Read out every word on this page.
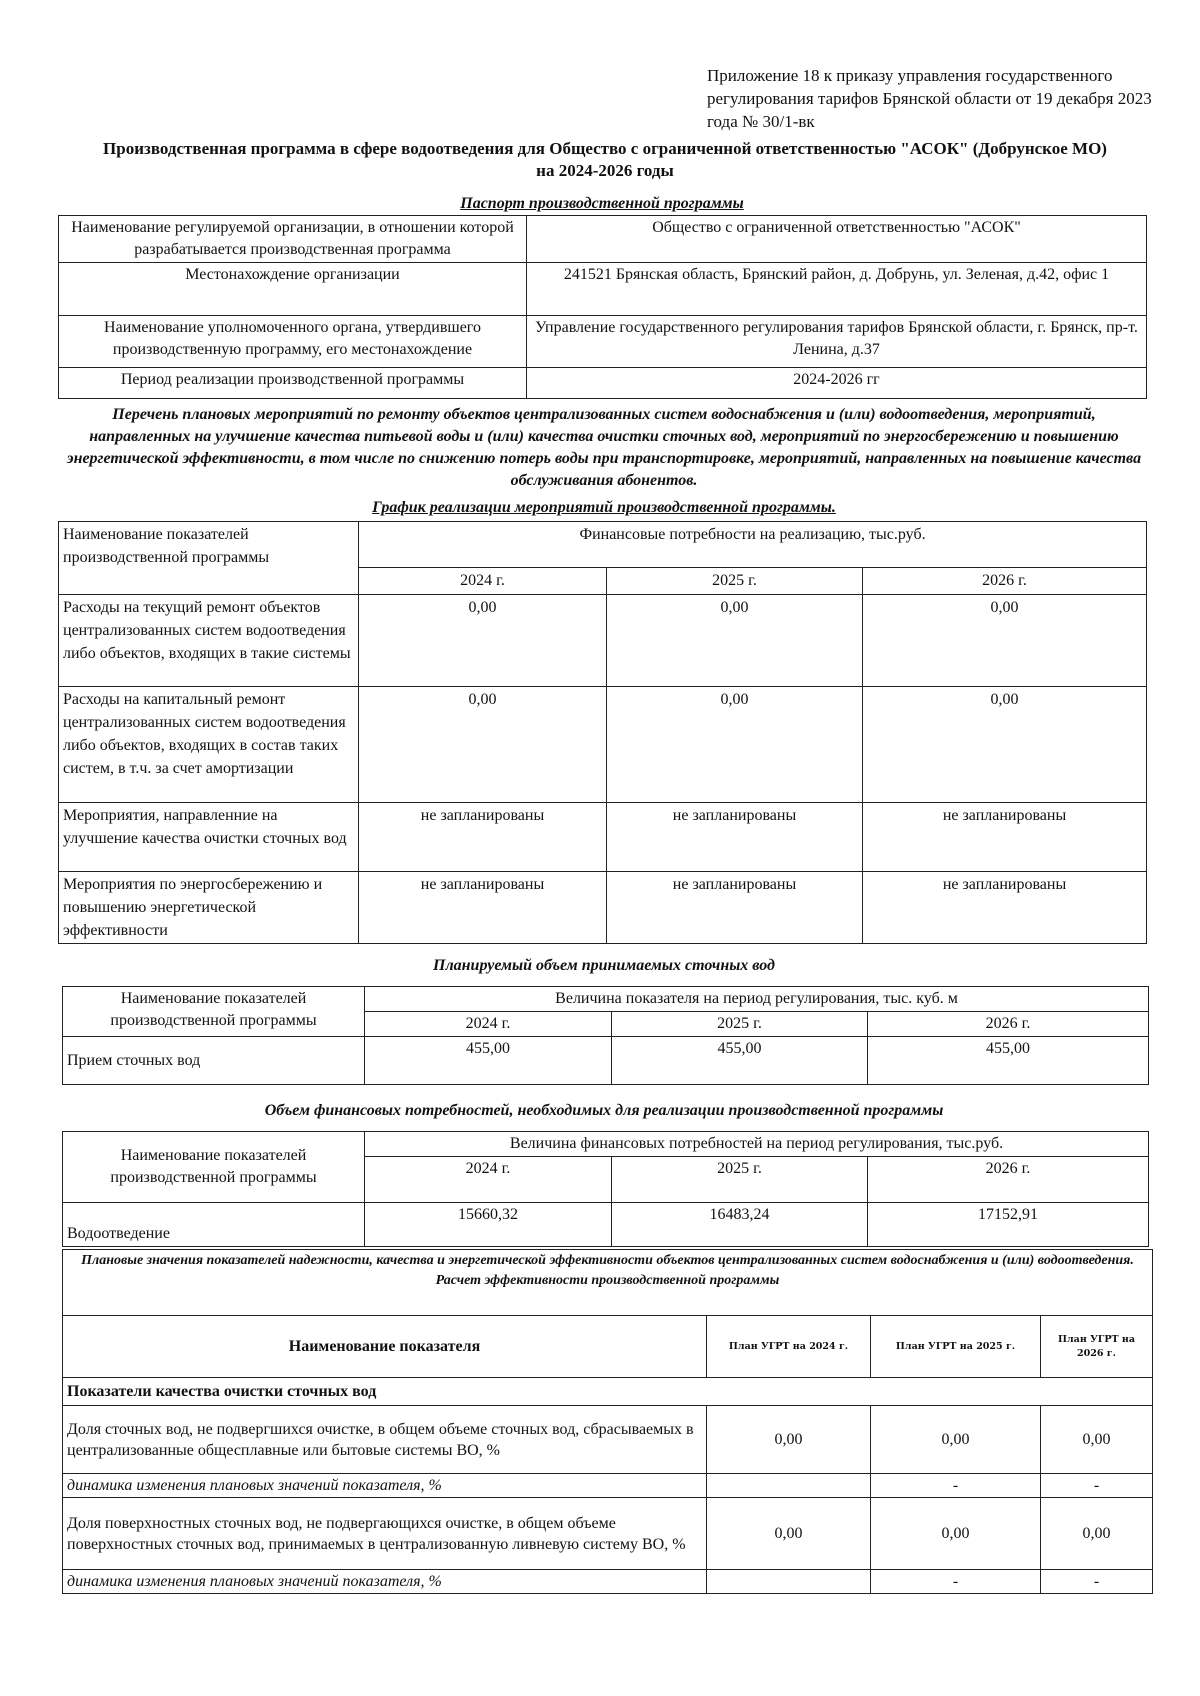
Приложение 18 к приказу управления государственного регулирования тарифов Брянской области от 19 декабря 2023 года № 30/1-вк
Производственная программа в сфере водоотведения для Общество с ограниченной ответственностью "АСОК" (Добрунское МО)
на 2024-2026 годы
Паспорт производственной программы
Наименование регулируемой организации, в отношении которой разрабатывается производственная программа	Общество с ограниченной ответственностью "АСОК"
Местонахождение организации	241521 Брянская область, Брянский район, д. Добрунь, ул. Зеленая, д.42, офис 1
Наименование уполномоченного органа, утвердившего производственную программу, его местонахождение	Управление государственного регулирования тарифов Брянской области, г. Брянск, пр-т. Ленина, д.37
Период реализации производственной программы	2024-2026 гг
Перечень плановых мероприятий по ремонту объектов централизованных систем водоснабжения и (или) водоотведения, мероприятий, направленных на улучшение качества питьевой воды и (или) качества очистки сточных вод, мероприятий по энергосбережению и повышению энергетической эффективности, в том числе по снижению потерь воды при транспортировке, мероприятий, направленных на повышение качества обслуживания абонентов.
График реализации мероприятий производственной программы.
Наименование показателей производственной программы	Финансовые потребности на реализацию, тыс.руб.		
	2024 г.	2025 г.	2026 г.
Расходы на текущий ремонт объектов централизованных систем водоотведения либо объектов, входящих в такие системы	0,00	0,00	0,00
Расходы на капитальный ремонт централизованных систем водоотведения либо объектов, входящих в состав таких систем, в т.ч. за счет амортизации	0,00	0,00	0,00
Мероприятия, направленние на улучшение качества очистки сточных вод	не запланированы	не запланированы	не запланированы
Мероприятия по энергосбережению и повышению энергетической эффективности	не запланированы	не запланированы	не запланированы
Планируемый объем принимаемых сточных вод
Наименование показателей производственной программы	Величина показателя на период регулирования, тыс. куб. м		
	2024 г.	2025 г.	2026 г.
Прием сточных вод	455,00	455,00	455,00
Объем финансовых потребностей, необходимых для реализации производственной программы
Наименование показателей производственной программы	Величина финансовых потребностей на период регулирования, тыс.руб.		
	2024 г.	2025 г.	2026 г.
Водоотведение	15660,32	16483,24	17152,91
Плановые значения показателей надежности, качества и энергетической эффективности объектов централизованных систем водоснабжения и (или) водоотведения.
Расчет эффективности производственной программы			

Наименование показателя	План УГРТ на 2024 г.	План УГРТ на 2025 г.	План УГРТ на 2026 г.
Показатели качества очистки сточных вод			
Доля сточных вод, не подвергшихся очистке, в общем объеме сточных вод, сбрасываемых в централизованные общесплавные или бытовые системы ВО, %	0,00	0,00	0,00
динамика изменения плановых значений показателя, %		-	-
Доля поверхностных сточных вод, не подвергающихся очистке, в общем объеме поверхностных сточных вод, принимаемых в централизованную ливневую систему ВО, %	0,00	0,00	0,00
динамика изменения плановых значений показателя, %		-	-
